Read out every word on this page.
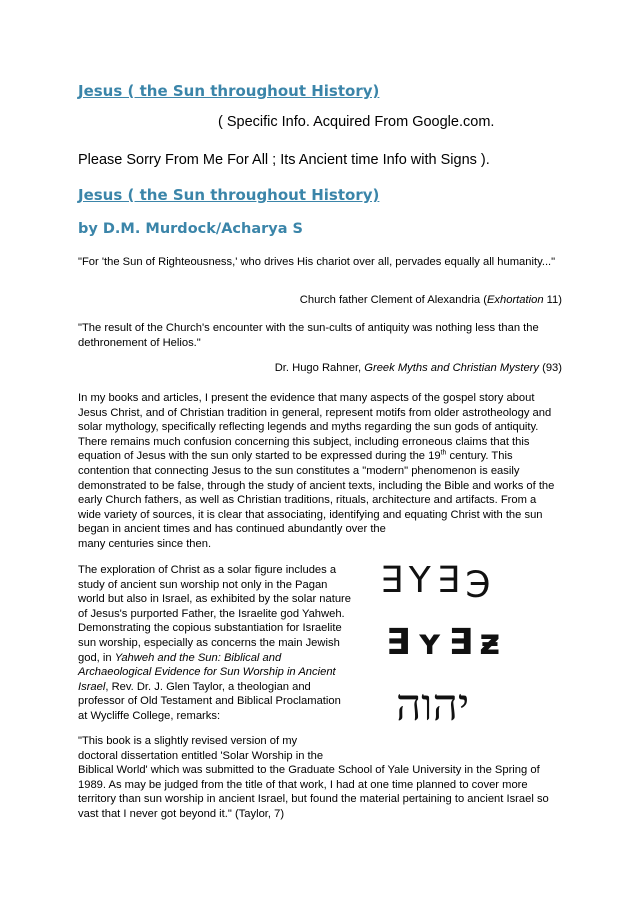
Jesus ( the Sun throughout History)
( Specific Info. Acquired From Google.com.
Please Sorry From Me For All ; Its Ancient time Info with Signs ).
Jesus ( the Sun throughout History)
by D.M. Murdock/Acharya S

"For 'the Sun of Righteousness,' who drives His chariot over all, pervades equally all humanity..."

Church father Clement of Alexandria (Exhortation 11)

"The result of the Church's encounter with the sun-cults of antiquity was nothing less than the dethronement of Helios."

Dr. Hugo Rahner, Greek Myths and Christian Mystery (93)

In my books and articles, I present the evidence that many aspects of the gospel story about Jesus Christ, and of Christian tradition in general, represent motifs from older astrotheology and solar mythology, specifically reflecting legends and myths regarding the sun gods of antiquity. There remains much confusion concerning this subject, including erroneous claims that this equation of Jesus with the sun only started to be expressed during the 19th century. This contention that connecting Jesus to the sun constitutes a "modern" phenomenon is easily demonstrated to be false, through the study of ancient texts, including the Bible and works of the early Church fathers, as well as Christian traditions, rituals, architecture and artifacts. From a wide variety of sources, it is clear that associating, identifying and equating Christ with the sun began in ancient times and has continued abundantly over the

many centuries since then.

The exploration of Christ as a solar figure includes a study of ancient sun worship not only in the Pagan world but also in Israel, as exhibited by the solar nature of Jesus's purported Father, the Israelite god Yahweh. Demonstrating the copious substantiation for Israelite sun worship, especially as concerns the main Jewish god, in Yahweh and the Sun: Biblical and Archaeological Evidence for Sun Worship in Ancient Israel, Rev. Dr. J. Glen Taylor, a theologian and professor of Old Testament and Biblical Proclamation at Wycliffe College, remarks:

"This book is a slightly revised version of my

doctoral dissertation entitled 'Solar Worship in the

Biblical World' which was submitted to the Graduate School of Yale University in the Spring of 1989. As may be judged from the title of that work, I had at one time planned to cover more territory than sun worship in ancient Israel, but found the material pertaining to ancient Israel so vast that I never got beyond it." (Taylor, 7)

∃Y∃℈
∃ʏ∃ƶ
יהוה
